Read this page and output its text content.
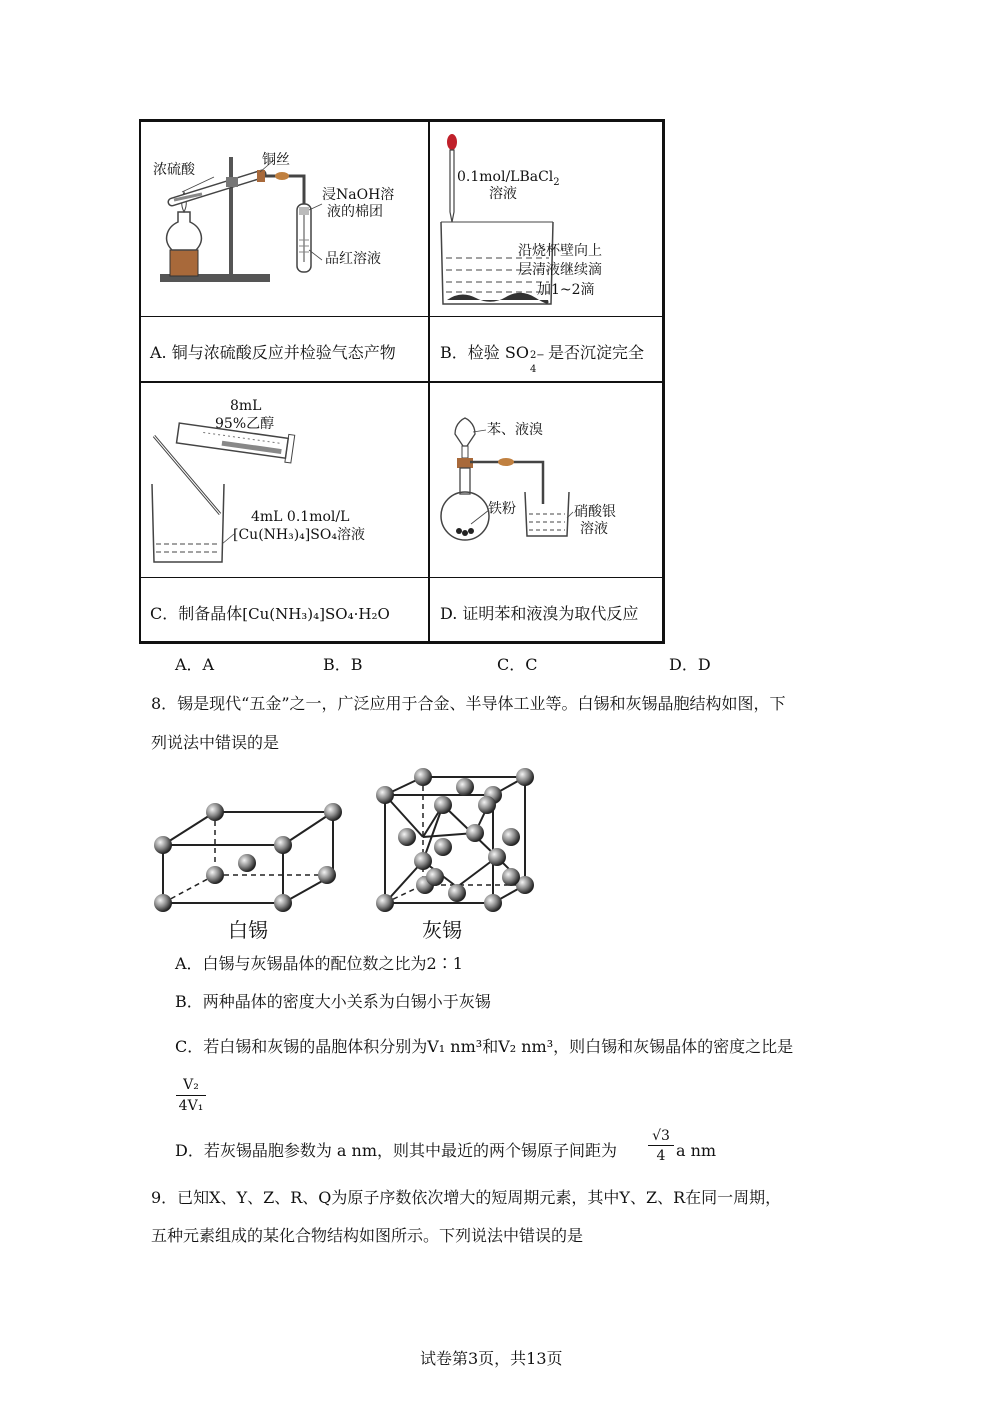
浓硫酸
铜丝
浸NaOH溶
液的棉团
品红溶液
0.1mol/LBaCl$_2$
溶液
沿烧杯壁向上
层清液继续滴
加1~2滴
A. 铜与浓硫酸反应并检验气态产物	B．检验 SO 2−
4
是否沉淀完全
8mL
95%乙醇
4mL 0.1mol/L
[Cu(NH₃)₄]SO₄溶液
苯、液溴
铁粉	硝酸银
溶液
C．制备晶体[Cu(NH₃)₄]SO₄·H₂O	D. 证明苯和液溴为取代反应
A．A	B．B	C．C	D．D
8．锡是现代“五金”之一，广泛应用于合金、半导体工业等。白锡和灰锡晶胞结构如图，下
列说法中错误的是
白锡	灰锡
A．白锡与灰锡晶体的配位数之比为2∶1
B．两种晶体的密度大小关系为白锡小于灰锡
C．若白锡和灰锡的晶胞体积分别为V₁ nm³和V₂ nm³，则白锡和灰锡晶体的密度之比是
V₂
4V₁
D．若灰锡晶胞参数为 a nm，则其中最近的两个锡原子间距为
√3
4 a nm
9．已知X、Y、Z、R、Q为原子序数依次增大的短周期元素，其中Y、Z、R在同一周期，
五种元素组成的某化合物结构如图所示。下列说法中错误的是
试卷第3页，共13页
